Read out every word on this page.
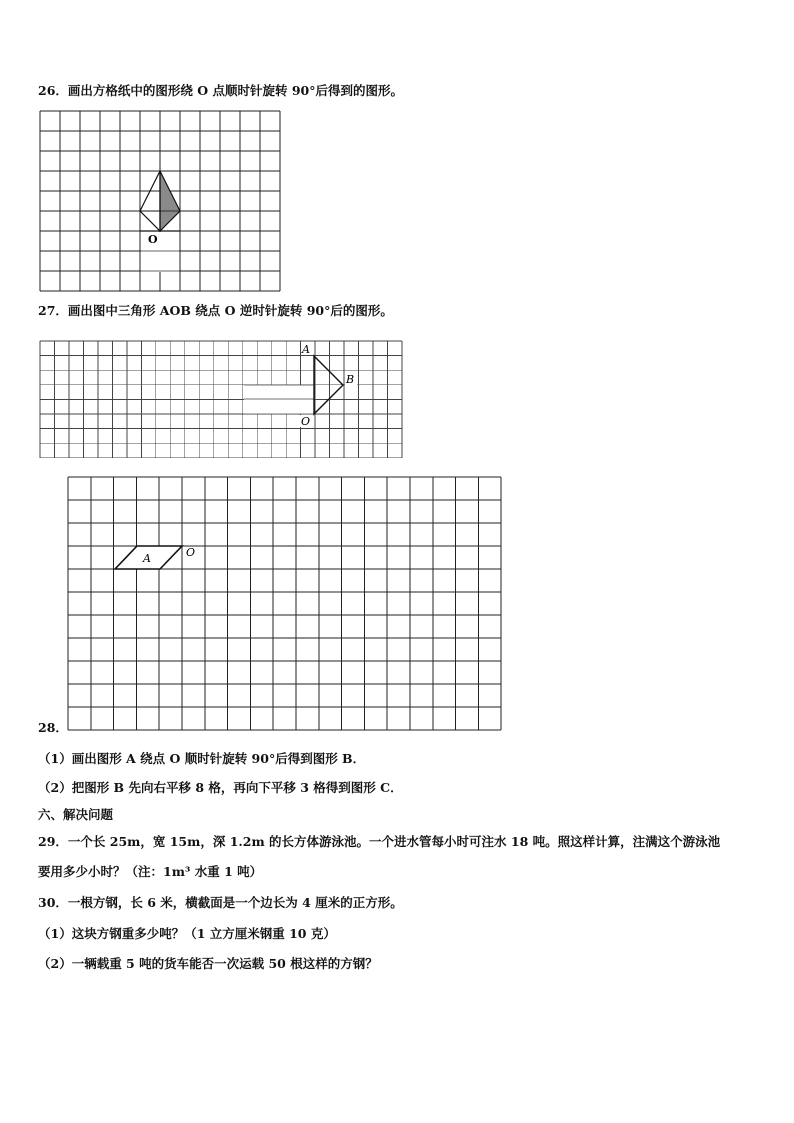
26．画出方格纸中的图形绕 O 点顺时针旋转 90°后得到的图形。
O
27．画出图中三角形 AOB 绕点 O 逆时针旋转 90°后的图形。
A
B
O
A	O
28．
（1）画出图形 A 绕点 O 顺时针旋转 90°后得到图形 B．
（2）把图形 B 先向右平移 8 格，再向下平移 3 格得到图形 C．
六、解决问题
29．一个长 25m，宽 15m，深 1.2m 的长方体游泳池。一个进水管每小时可注水 18 吨。照这样计算，注满这个游泳池
要用多少小时？（注：1m³ 水重 1 吨）
30．一根方钢，长 6 米，横截面是一个边长为 4 厘米的正方形。
（1）这块方钢重多少吨？（1 立方厘米钢重 10 克）
（2）一辆载重 5 吨的货车能否一次运载 50 根这样的方钢？
